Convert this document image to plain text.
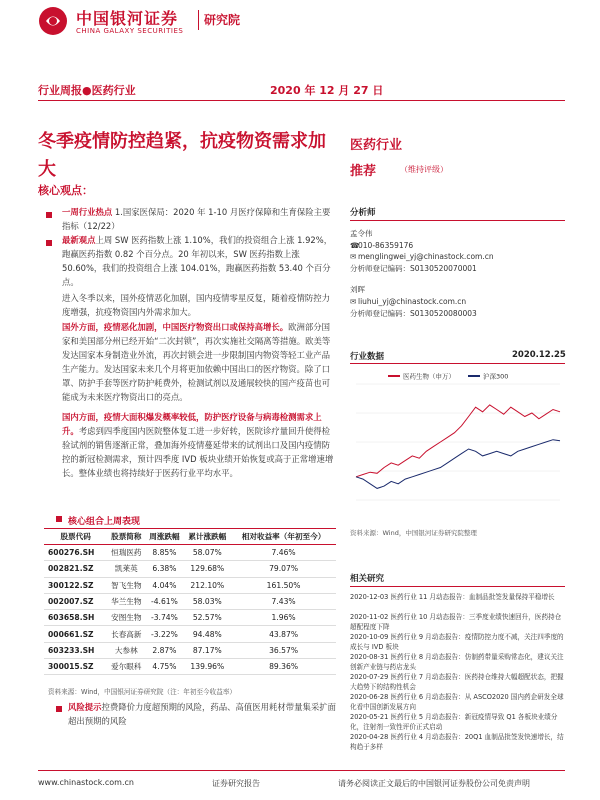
中国银河证券
CHINA GALAXY SECURITIES
研究院
行业周报●医药行业	2020 年 12 月 27 日
冬季疫情防控趋紧，抗疫物资需求加大
核心观点：
一周行业热点 1.国家医保局：2020 年 1-10 月医疗保障和生育保险主要指标（12/22）
最新观点上周 SW 医药指数上涨 1.10%，我们的投资组合上涨 1.92%，跑赢医药指数 0.82 个百分点。20 年初以来，SW 医药指数上涨 50.60%，我们的投资组合上涨 104.01%，跑赢医药指数 53.40 个百分点。
进入冬季以来，国外疫情恶化加剧，国内疫情零星反复，随着疫情防控力度增强，抗疫物资国内外需求加大。
国外方面，疫情恶化加剧，中国医疗物资出口或保持高增长。欧洲部分国家和美国部分州已经开始“二次封锁”，再次实施社交隔离等措施。欧美等发达国家本身制造业外流，再次封锁会进一步限制国内物资等轻工业产品生产能力。发达国家未来几个月将更加依赖中国出口的医疗物资。除了口罩、防护手套等医疗防护耗费外，检测试剂以及通展较快的国产疫苗也可能成为未来医疗物资出口的亮点。
国内方面，疫情大面积爆发概率较低，防护医疗设备与病毒检测需求上升。考虑到四季度国内医院整体复工进一步好转，医院诊疗量回升使得检验试剂的销售逐渐正常，叠加海外疫情蔓延带来的试剂出口及国内疫情防控的新冠检测需求，预计四季度 IVD 板块业绩开始恢复或高于正常增速增长。整体业绩也将持续好于医药行业平均水平。
医药行业
推荐	（维持评级）
分析师
孟令伟
☎010-86359176
✉ menglingwei_yj@chinastock.com.cn
分析师登记编码：S0130520070001
刘晖
✉ liuhui_yj@chinastock.com.cn
分析师登记编码：S0130520080003
行业数据	2020.12.25
医药生物（申万）	沪深300
资料来源：Wind，中国银河证券研究院整理
相关研究
2020-12-03 医药行业 11 月动态报告：血制品批签发量保持平稳增长
2020-11-02 医药行业 10 月动态报告：三季度业绩快速回升，医药持仓超配程度下降
2020-10-09 医药行业 9 月动态报告：疫情防控力度不减，关注四季度的成长与 IVD 板块
2020-08-31 医药行业 8 月动态报告：仿制药带量采购常态化，建议关注创新产业链与药店龙头
2020-07-29 医药行业 7 月动态报告：医药持仓维持大幅超配状态，把握大趋势下的结构性机会
2020-06-28 医药行业 6 月动态报告：从 ASCO2020 国内药企研发全球化看中国创新发展方向
2020-05-21 医药行业 5 月动态报告：新冠疫情导致 Q1 各板块业绩分化，注射剂一致性评价正式启动
2020-04-28 医药行业 4 月动态报告：20Q1 血制品批签发快速增长，结构趋于多样
核心组合上周表现
股票代码	股票简称	周涨跌幅	累计涨跌幅	相对收益率（年初至今）
600276.SH	恒瑞医药	8.85%	58.07%	7.46%
002821.SZ	凯莱英	6.38%	129.68%	79.07%
300122.SZ	智飞生物	4.04%	212.10%	161.50%
002007.SZ	华兰生物	-4.61%	58.03%	7.43%
603658.SH	安图生物	-3.74%	52.57%	1.96%
000661.SZ	长春高新	-3.22%	94.48%	43.87%
603233.SH	大参林	2.87%	87.17%	36.57%
300015.SZ	爱尔眼科	4.75%	139.96%	89.36%
资料来源：Wind，中国银河证券研究院（注：年初至今收益率）
风险提示控费降价力度超预期的风险，药品、高值医用耗材带量集采扩面超出预期的风险
www.chinastock.com.cn	证券研究报告	请务必阅读正文最后的中国银河证券股份公司免责声明
